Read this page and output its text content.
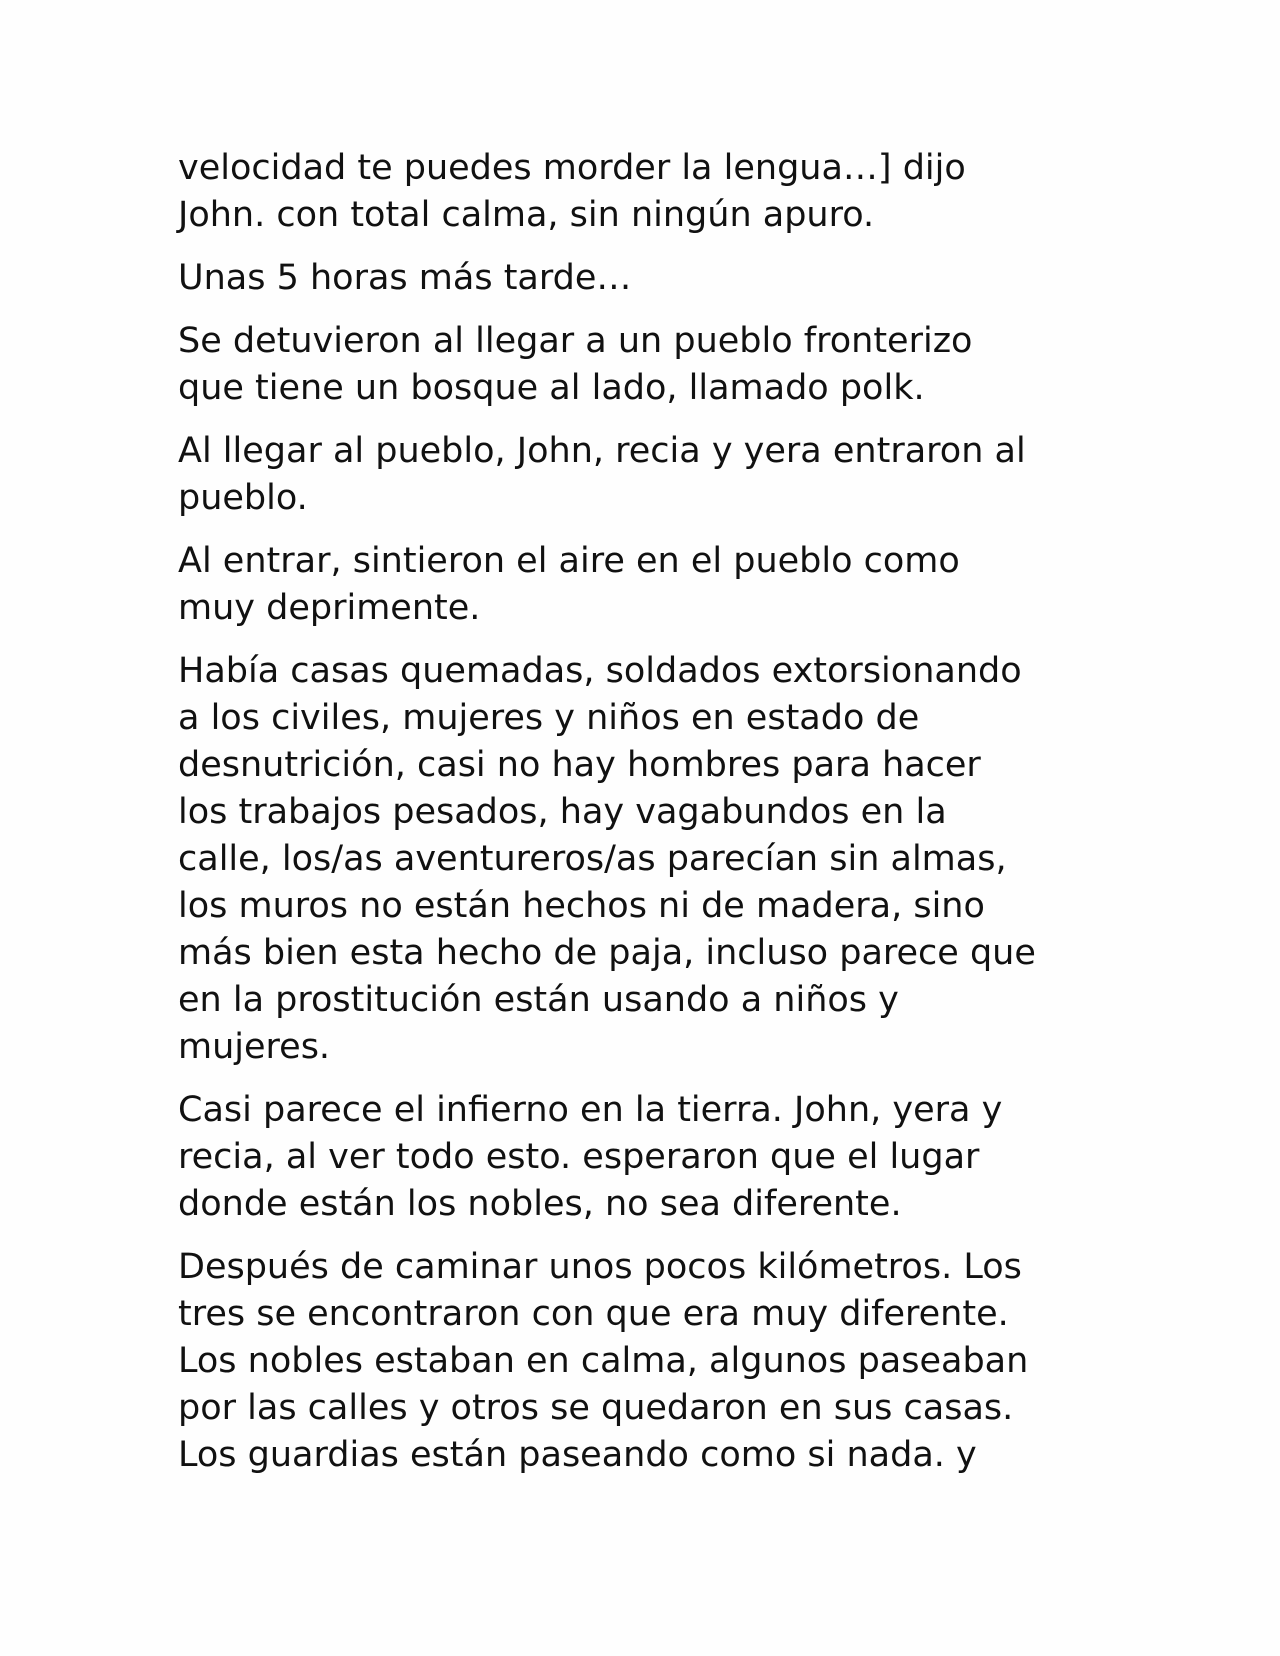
velocidad te puedes morder la lengua…] dijo
John. con total calma, sin ningún apuro.

Unas 5 horas más tarde…

Se detuvieron al llegar a un pueblo fronterizo
que tiene un bosque al lado, llamado polk.

Al llegar al pueblo, John, recia y yera entraron al
pueblo.

Al entrar, sintieron el aire en el pueblo como
muy deprimente.

Había casas quemadas, soldados extorsionando
a los civiles, mujeres y niños en estado de
desnutrición, casi no hay hombres para hacer
los trabajos pesados, hay vagabundos en la
calle, los/as aventureros/as parecían sin almas,
los muros no están hechos ni de madera, sino
más bien esta hecho de paja, incluso parece que
en la prostitución están usando a niños y
mujeres.

Casi parece el infierno en la tierra. John, yera y
recia, al ver todo esto. esperaron que el lugar
donde están los nobles, no sea diferente.

Después de caminar unos pocos kilómetros. Los
tres se encontraron con que era muy diferente.
Los nobles estaban en calma, algunos paseaban
por las calles y otros se quedaron en sus casas.
Los guardias están paseando como si nada. y
